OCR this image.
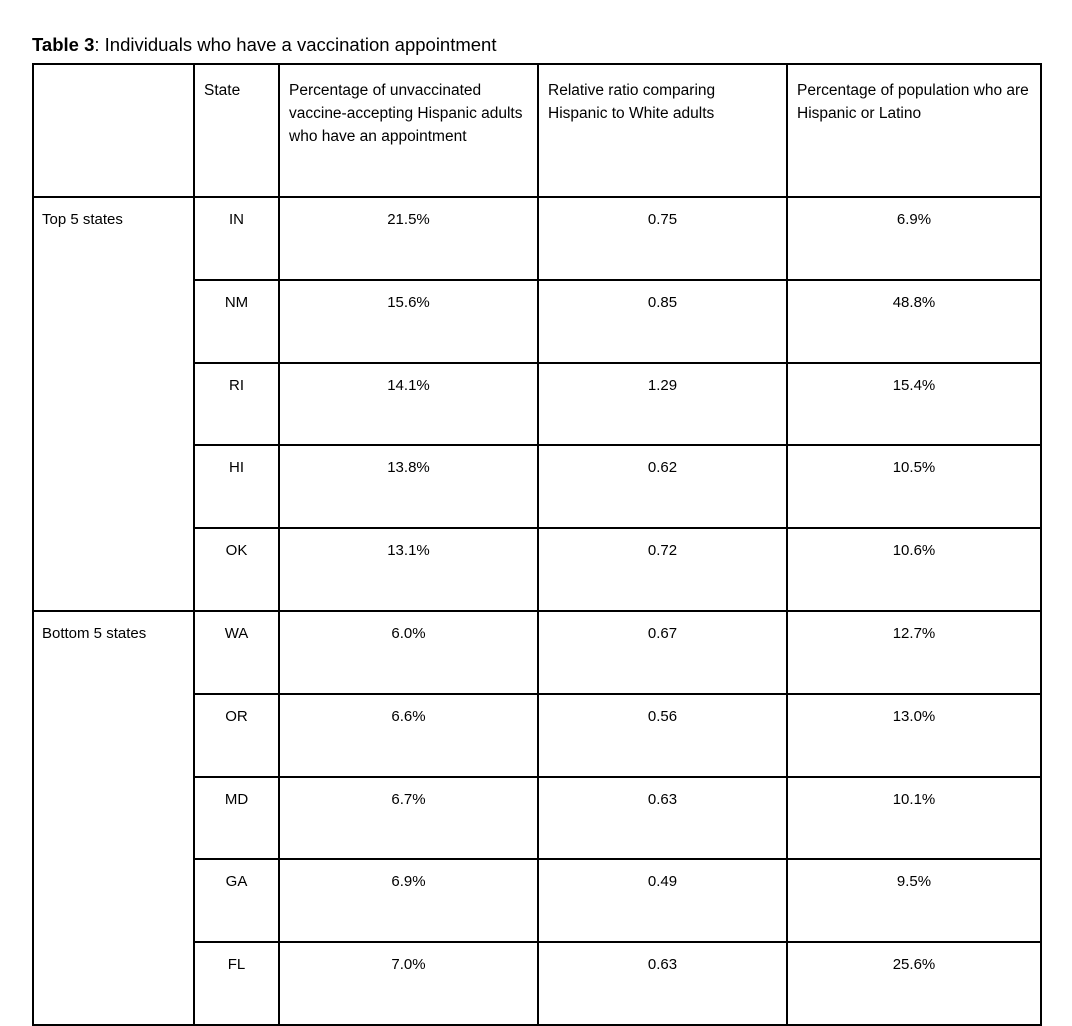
Table 3: Individuals who have a vaccination appointment

	State	Percentage of unvaccinated vaccine-accepting Hispanic adults who have an appointment	Relative ratio comparing Hispanic to White adults	Percentage of population who are Hispanic or Latino
Top 5 states	IN	21.5%	0.75	6.9%
	NM	15.6%	0.85	48.8%
	RI	14.1%	1.29	15.4%
	HI	13.8%	0.62	10.5%
	OK	13.1%	0.72	10.6%
Bottom 5 states	WA	6.0%	0.67	12.7%
	OR	6.6%	0.56	13.0%
	MD	6.7%	0.63	10.1%
	GA	6.9%	0.49	9.5%
	FL	7.0%	0.63	25.6%
